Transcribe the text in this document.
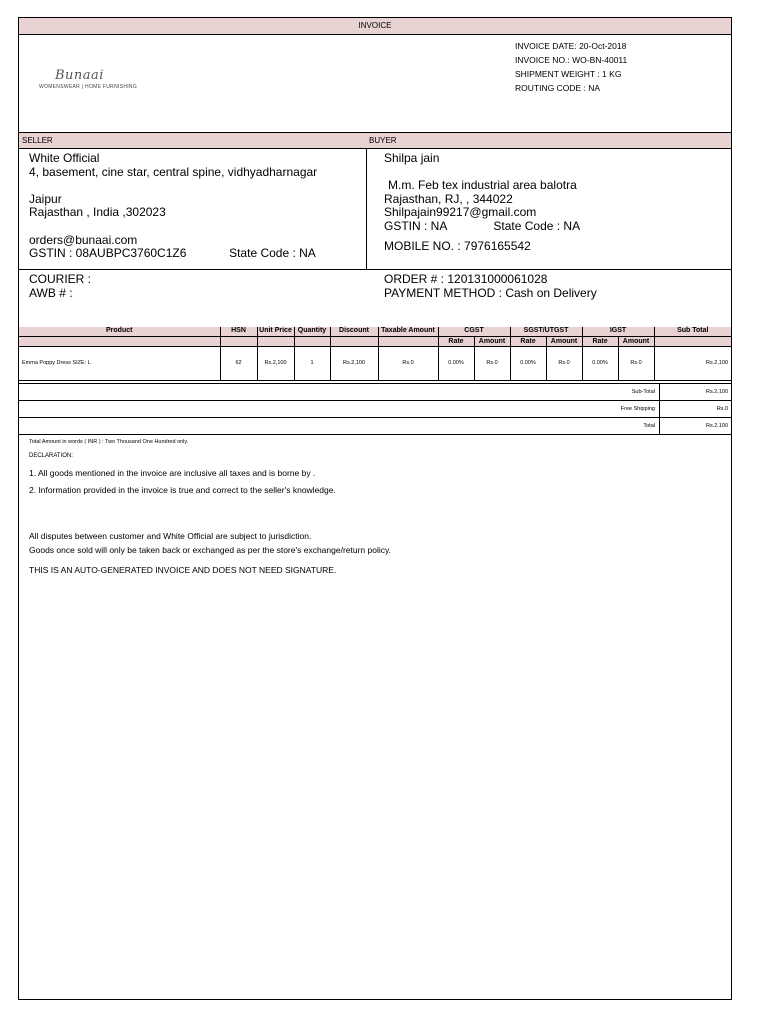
INVOICE
Bunaai
WOMENSWEAR | HOME FURNISHING
INVOICE DATE: 20-Oct-2018
INVOICE NO.: WO-BN-40011
SHIPMENT WEIGHT : 1 KG
ROUTING CODE : NA
SELLER	BUYER
White Official
4, basement, cine star, central spine, vidhyadharnagar
Jaipur
Rajasthan , India ,302023
orders@bunaai.com
GSTIN : 08AUBPC3760C1Z6	State Code : NA
Shilpa jain
M.m. Feb tex industrial area balotra
Rajasthan, RJ, , 344022
Shilpajain99217@gmail.com
GSTIN : NA	State Code : NA
MOBILE NO. : 7976165542
COURIER :
AWB # :
ORDER # : 120131000061028
PAYMENT METHOD : Cash on Delivery
Product	HSN	Unit Price	Quantity	Discount	Taxable Amount	CGST		SGST/UTGST		IGST		Sub Total
						Rate	Amount	Rate	Amount	Rate	Amount	
Emma Poppy Dress SIZE: L	62	Rs.2,100	1	Rs.2,100	Rs.0	0.00%	Rs.0	0.00%	Rs.0	0.00%	Rs.0	Rs.2,100
Sub-Total	Rs.2,100
Free Shipping	Rs.0
Total	Rs.2,100
Total Amount in words ( INR ) : Two Thousand One Hundred only.
DECLARATION:
1. All goods mentioned in the invoice are inclusive all taxes and is borne by .
2. Information provided in the invoice is true and correct to the seller's knowledge.
All disputes between customer and White Official are subject to jurisdiction.
Goods once sold will only be taken back or exchanged as per the store's exchange/return policy.
THIS IS AN AUTO-GENERATED INVOICE AND DOES NOT NEED SIGNATURE.
